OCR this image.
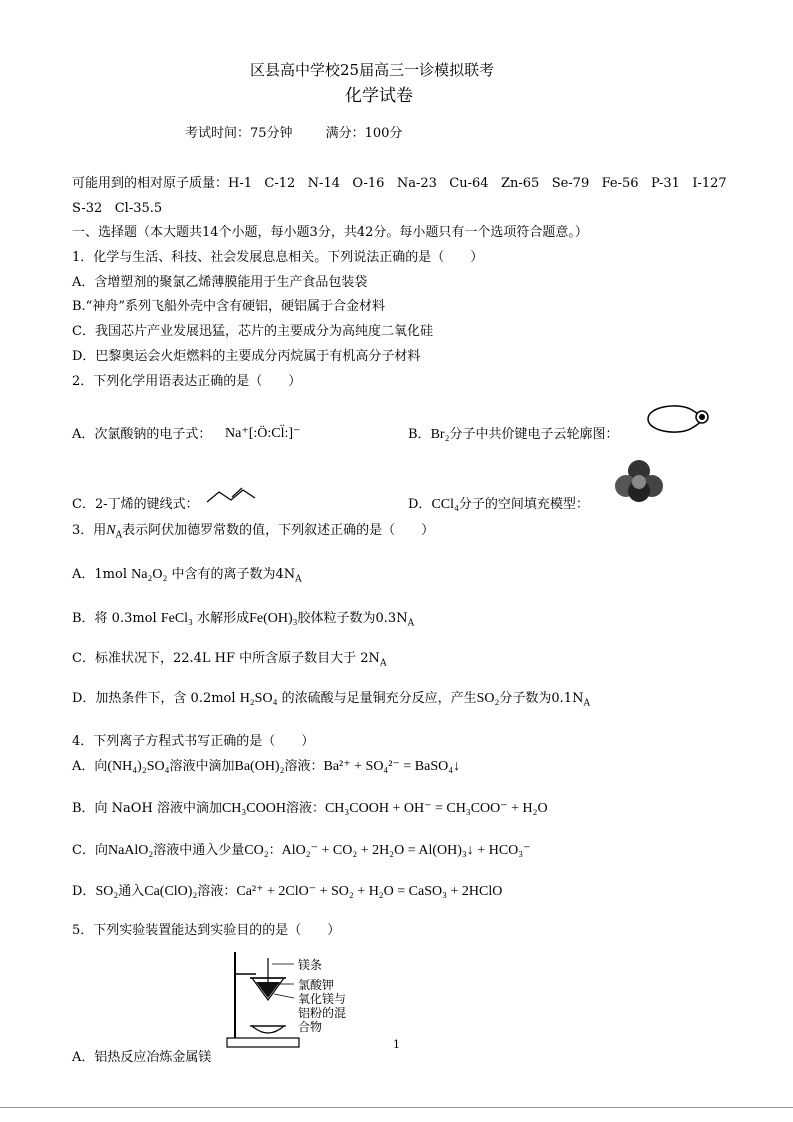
区县高中学校25届高三一诊模拟联考
化学试卷
考试时间：75分钟        满分：100分
可能用到的相对原子质量：H-1   C-12   N-14   O-16   Na-23   Cu-64   Zn-65   Se-79   Fe-56   P-31   I-127
S-32   Cl-35.5
一、选择题（本大题共14个小题，每小题3分，共42分。每小题只有一个选项符合题意。）
1．化学与生活、科技、社会发展息息相关。下列说法正确的是（　　）
A．含增塑剂的聚氯乙烯薄膜能用于生产食品包装袋
B.“神舟”系列飞船外壳中含有硬铝，硬铝属于合金材料
C．我国芯片产业发展迅猛，芯片的主要成分为高纯度二氧化硅
D．巴黎奥运会火炬燃料的主要成分丙烷属于有机高分子材料
2．下列化学用语表达正确的是（　　）
A．次氯酸钠的电子式： Na⁺[:Ö:Cl̈:]⁻	B．Br₂分子中共价键电子云轮廓图：
C．2-丁烯的键线式：	D．CCl₄分子的空间填充模型：
3．用$N_A$表示阿伏加德罗常数的值，下列叙述正确的是（　　）
A．1mol Na₂O₂ 中含有的离子数为$4N_A$
B．将 0.3mol FeCl₃ 水解形成Fe(OH)₃胶体粒子数为$0.3N_A$
C．标准状况下，22.4L HF 中所含原子数目大于 $2N_A$
D．加热条件下，含 0.2mol H₂SO₄ 的浓硫酸与足量铜充分反应，产生SO₂分子数为$0.1N_A$
4．下列离子方程式书写正确的是（　　）
A．向(NH₄)₂SO₄溶液中滴加Ba(OH)₂溶液：Ba²⁺ + SO₄²⁻ = BaSO₄↓
B．向 NaOH 溶液中滴加CH₃COOH溶液：CH₃COOH + OH⁻ = CH₃COO⁻ + H₂O
C．向NaAlO₂溶液中通入少量CO₂：AlO₂⁻ + CO₂ + 2H₂O = Al(OH)₃↓ + HCO₃⁻
D．SO₂通入Ca(ClO)₂溶液：Ca²⁺ + 2ClO⁻ + SO₂ + H₂O = CaSO₃ + 2HClO
5．下列实验装置能达到实验目的的是（　　）
镁条
氯酸钾
氧化镁与
铝粉的混
合物
A．铝热反应冶炼金属镁
1
